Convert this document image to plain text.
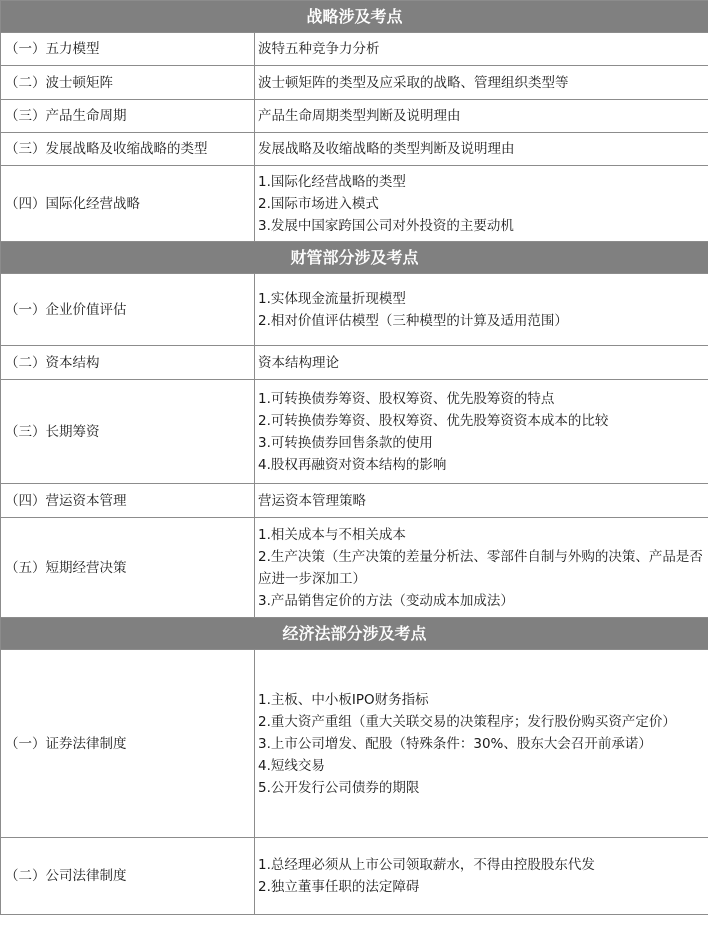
战略涉及考点	
（一）五力模型	波特五种竞争力分析

（二）波士顿矩阵	波士顿矩阵的类型及应采取的战略、管理组织类型等

（三）产品生命周期	产品生命周期类型判断及说明理由

（三）发展战略及收缩战略的类型	发展战略及收缩战略的类型判断及说明理由

（四）国际化经营战略	1.国际化经营战略的类型
2.国际市场进入模式
3.发展中国家跨国公司对外投资的主要动机

财管部分涉及考点	
（一）企业价值评估	1.实体现金流量折现模型
2.相对价值评估模型（三种模型的计算及适用范围）

（二）资本结构	资本结构理论

（三）长期筹资	1.可转换债券筹资、股权筹资、优先股筹资的特点
2.可转换债券筹资、股权筹资、优先股筹资资本成本的比较
3.可转换债券回售条款的使用
4.股权再融资对资本结构的影响

（四）营运资本管理	营运资本管理策略

（五）短期经营决策	1.相关成本与不相关成本
2.生产决策（生产决策的差量分析法、零部件自制与外购的决策、产品是否应进一步深加工）
3.产品销售定价的方法（变动成本加成法）

经济法部分涉及考点	
（一）证券法律制度	1.主板、中小板IPO财务指标
2.重大资产重组（重大关联交易的决策程序；发行股份购买资产定价）
3.上市公司增发、配股（特殊条件：30%、股东大会召开前承诺）
4.短线交易
5.公开发行公司债券的期限

（二）公司法律制度	1.总经理必须从上市公司领取薪水，不得由控股股东代发
2.独立董事任职的法定障碍
